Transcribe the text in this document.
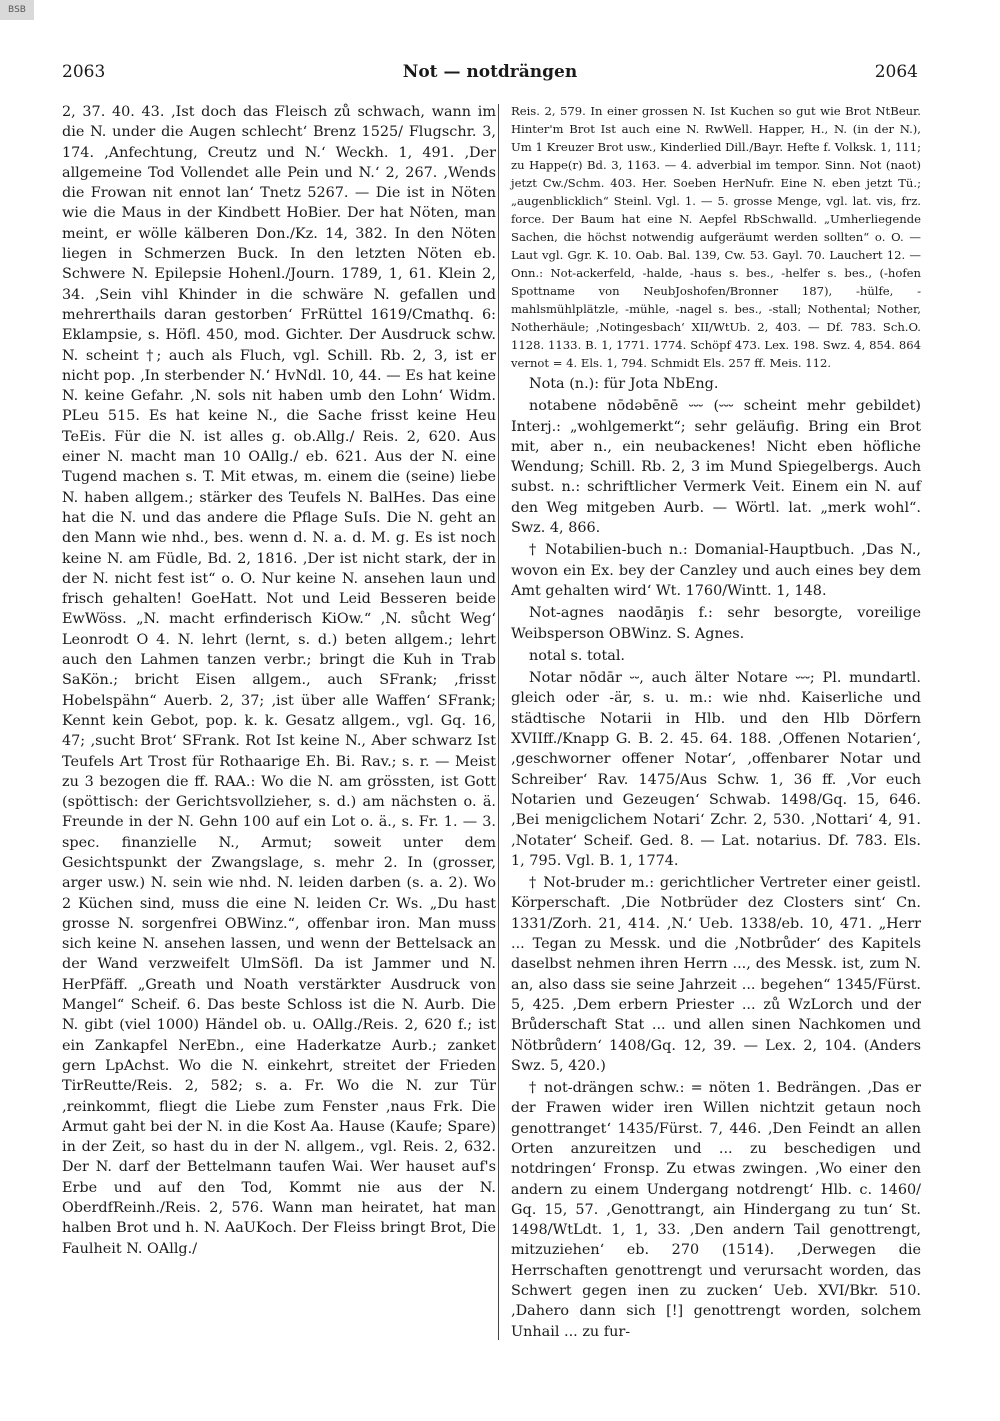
BSB
2063	Not — notdrängen	2064

2, 37. 40. 43. ‚Ist doch das Fleisch zů schwach, wann im die N. under die Augen schlecht‘ Brenz 1525/ Flugschr. 3, 174. ‚Anfechtung, Creutz und N.‘ Weckh. 1, 491. ‚Der allgemeine Tod Vollendet alle Pein und N.‘ 2, 267. ‚Wends die Frowan nit ennot lan‘ Tnetz 5267. — Die ist in Nöten wie die Maus in der Kindbett HoBier. Der hat Nöten, man meint, er wölle kälberen Don./Kz. 14, 382. In den Nöten liegen in Schmerzen Buck. In den letzten Nöten eb. Schwere N. Epilepsie Hohenl./Journ. 1789, 1, 61. Klein 2, 34. ‚Sein vihl Khinder in die schwäre N. gefallen und mehrerthails daran gestorben‘ FrRüttel 1619/Cmathq. 6: Eklampsie, s. Höfl. 450, mod. Gichter. Der Ausdruck schw. N. scheint †; auch als Fluch, vgl. Schill. Rb. 2, 3, ist er nicht pop. ‚In sterbender N.‘ HvNdl. 10, 44. — Es hat keine N. keine Gefahr. ‚N. sols nit haben umb den Lohn‘ Widm. PLeu 515. Es hat keine N., die Sache frisst keine Heu TeEis. Für die N. ist alles g. ob.Allg./ Reis. 2, 620. Aus einer N. macht man 10 OAllg./ eb. 621. Aus der N. eine Tugend machen s. T. Mit etwas, m. einem die (seine) liebe N. haben allgem.; stärker des Teufels N. BalHes. Das eine hat die N. und das andere die Pflage SuIs. Die N. geht an den Mann wie nhd., bes. wenn d. N. a. d. M. g. Es ist noch keine N. am Füdle, Bd. 2, 1816. ‚Der ist nicht stark, der in der N. nicht fest ist“ o. O. Nur keine N. ansehen laun und frisch gehalten! GoeHatt. Not und Leid Besseren beide EwWöss. „N. macht erfinderisch KiOw.“ ‚N. sůcht Weg‘ Leonrodt O 4. N. lehrt (lernt, s. d.) beten allgem.; lehrt auch den Lahmen tanzen verbr.; bringt die Kuh in Trab SaKön.; bricht Eisen allgem., auch SFrank; ‚frisst Hobelspähn“ Auerb. 2, 37; ‚ist über alle Waffen‘ SFrank; Kennt kein Gebot, pop. k. k. Gesatz allgem., vgl. Gq. 16, 47; ‚sucht Brot‘ SFrank. Rot Ist keine N., Aber schwarz Ist Teufels Art Trost für Rothaarige Eh. Bi. Rav.; s. r. — Meist zu 3 bezogen die ff. RAA.: Wo die N. am grössten, ist Gott (spöttisch: der Gerichtsvollzieher, s. d.) am nächsten o. ä. Freunde in der N. Gehn 100 auf ein Lot o. ä., s. Fr. 1. — 3. spec. finanzielle N., Armut; soweit unter dem Gesichtspunkt der Zwangslage, s. mehr 2. In (grosser, arger usw.) N. sein wie nhd. N. leiden darben (s. a. 2). Wo 2 Küchen sind, muss die eine N. leiden Cr. Ws. „Du hast grosse N. sorgenfrei OBWinz.“, offenbar iron. Man muss sich keine N. ansehen lassen, und wenn der Bettelsack an der Wand verzweifelt UlmSöfl. Da ist Jammer und N. HerPfäff. „Greath und Noath verstärkter Ausdruck von Mangel“ Scheif. 6. Das beste Schloss ist die N. Aurb. Die N. gibt (viel 1000) Händel ob. u. OAllg./Reis. 2, 620 f.; ist ein Zankapfel NerEbn., eine Haderkatze Aurb.; zanket gern LpAchst. Wo die N. einkehrt, streitet der Frieden TirReutte/Reis. 2, 582; s. a. Fr. Wo die N. zur Tür ‚reinkommt, fliegt die Liebe zum Fenster ‚naus Frk. Die Armut gaht bei der N. in die Kost Aa. Hause (Kaufe; Spare) in der Zeit, so hast du in der N. allgem., vgl. Reis. 2, 632. Der N. darf der Bettelmann taufen Wai. Wer hauset auf's Erbe und auf den Tod, Kommt nie aus der N. OberdfReinh./Reis. 2, 576. Wann man heiratet, hat man halben Brot und h. N. AaUKoch. Der Fleiss bringt Brot, Die Faulheit N. OAllg./

Reis. 2, 579. In einer grossen N. Ist Kuchen so gut wie Brot NtBeur. Hinter'm Brot Ist auch eine N. RwWell. Happer, H., N. (in der N.), Um 1 Kreuzer Brot usw., Kinderlied Dill./Bayr. Hefte f. Volksk. 1, 111; zu Happe(r) Bd. 3, 1163. — 4. adverbial im tempor. Sinn. Not (naot) jetzt Cw./Schm. 403. Her. Soeben HerNufr. Eine N. eben jetzt Tü.; „augenblicklich“ Steinl. Vgl. 1. — 5. grosse Menge, vgl. lat. vis, frz. force. Der Baum hat eine N. Aepfel RbSchwalld. „Umherliegende Sachen, die höchst notwendig aufgeräumt werden sollten“ o. O. — Laut vgl. Ggr. K. 10. Oab. Bal. 139, Cw. 53. Gayl. 70. Lauchert 12. — Onn.: Not-ackerfeld, -halde, -haus s. bes., -helfer s. bes., (-hofen Spottname von NeubJoshofen/Bronner 187), -hülfe, -mahlsmühlplätzle, -mühle, -nagel s. bes., -stall; Nothental; Nother, Notherhäule; ‚Notingesbach‘ XII/WtUb. 2, 403. — Df. 783. Sch.O. 1128. 1133. B. 1, 1771. 1774. Schöpf 473. Lex. 198. Swz. 4, 854. 864 vernot = 4. Els. 1, 794. Schmidt Els. 257 ff. Meis. 112.

Nota (n.): für Jota NbEng.

notabene nōdəbēnē ⏑⏑⏑ (⏑⏑⏑ scheint mehr gebildet) Interj.: „wohlgemerkt“; sehr geläufig. Bring ein Brot mit, aber n., ein neubackenes! Nicht eben höfliche Wendung; Schill. Rb. 2, 3 im Mund Spiegelbergs. Auch subst. n.: schriftlicher Vermerk Veit. Einem ein N. auf den Weg mitgeben Aurb. — Wörtl. lat. „merk wohl“. Swz. 4, 866.

† Notabilien-buch n.: Domanial-Hauptbuch. ‚Das N., wovon ein Ex. bey der Canzley und auch eines bey dem Amt gehalten wird‘ Wt. 1760/Wintt. 1, 148.

Not-agnes naodāŋis f.: sehr besorgte, voreilige Weibsperson OBWinz. S. Agnes.

notal s. total.

Notar nōdār ⏑⏑, auch älter Notare ⏑⏑⏑; Pl. mundartl. gleich oder -är, s. u. m.: wie nhd. Kaiserliche und städtische Notarii in Hlb. und den Hlb Dörfern XVIIff./Knapp G. B. 2. 45. 64. 188. ‚Offenen Notarien‘, ‚geschworner offener Notar‘, ‚offenbarer Notar und Schreiber‘ Rav. 1475/Aus Schw. 1, 36 ff. ‚Vor euch Notarien und Gezeugen‘ Schwab. 1498/Gq. 15, 646. ‚Bei menigclichem Notari‘ Zchr. 2, 530. ‚Nottari‘ 4, 91. ‚Notater‘ Scheif. Ged. 8. — Lat. notarius. Df. 783. Els. 1, 795. Vgl. B. 1, 1774.

† Not-bruder m.: gerichtlicher Vertreter einer geistl. Körperschaft. ‚Die Notbrüder dez Closters sint‘ Cn. 1331/Zorh. 21, 414. ‚N.‘ Ueb. 1338/eb. 10, 471. „Herr ... Tegan zu Messk. und die ‚Notbrůder‘ des Kapitels daselbst nehmen ihren Herrn ..., des Messk. ist, zum N. an, also dass sie seine Jahrzeit ... begehen“ 1345/Fürst. 5, 425. ‚Dem erbern Priester ... zů WzLorch und der Brůderschaft Stat ... und allen sinen Nachkomen und Nötbrůdern‘ 1408/Gq. 12, 39. — Lex. 2, 104. (Anders Swz. 5, 420.)

† not-drängen schw.: = nöten 1. Bedrängen. ‚Das er der Frawen wider iren Willen nichtzit getaun noch genottranget‘ 1435/Fürst. 7, 446. ‚Den Feindt an allen Orten anzureitzen und ... zu beschedigen und notdringen‘ Fronsp. Zu etwas zwingen. ‚Wo einer den andern zu einem Undergang notdrengt‘ Hlb. c. 1460/ Gq. 15, 57. ‚Genottrangt, ain Hindergang zu tun‘ St. 1498/WtLdt. 1, 1, 33. ‚Den andern Tail genottrengt, mitzuziehen‘ eb. 270 (1514). ‚Derwegen die Herrschaften genottrengt und verursacht worden, das Schwert gegen inen zu zucken‘ Ueb. XVI/Bkr. 510. ‚Dahero dann sich [!] genottrengt worden, solchem Unhail ... zu fur-
